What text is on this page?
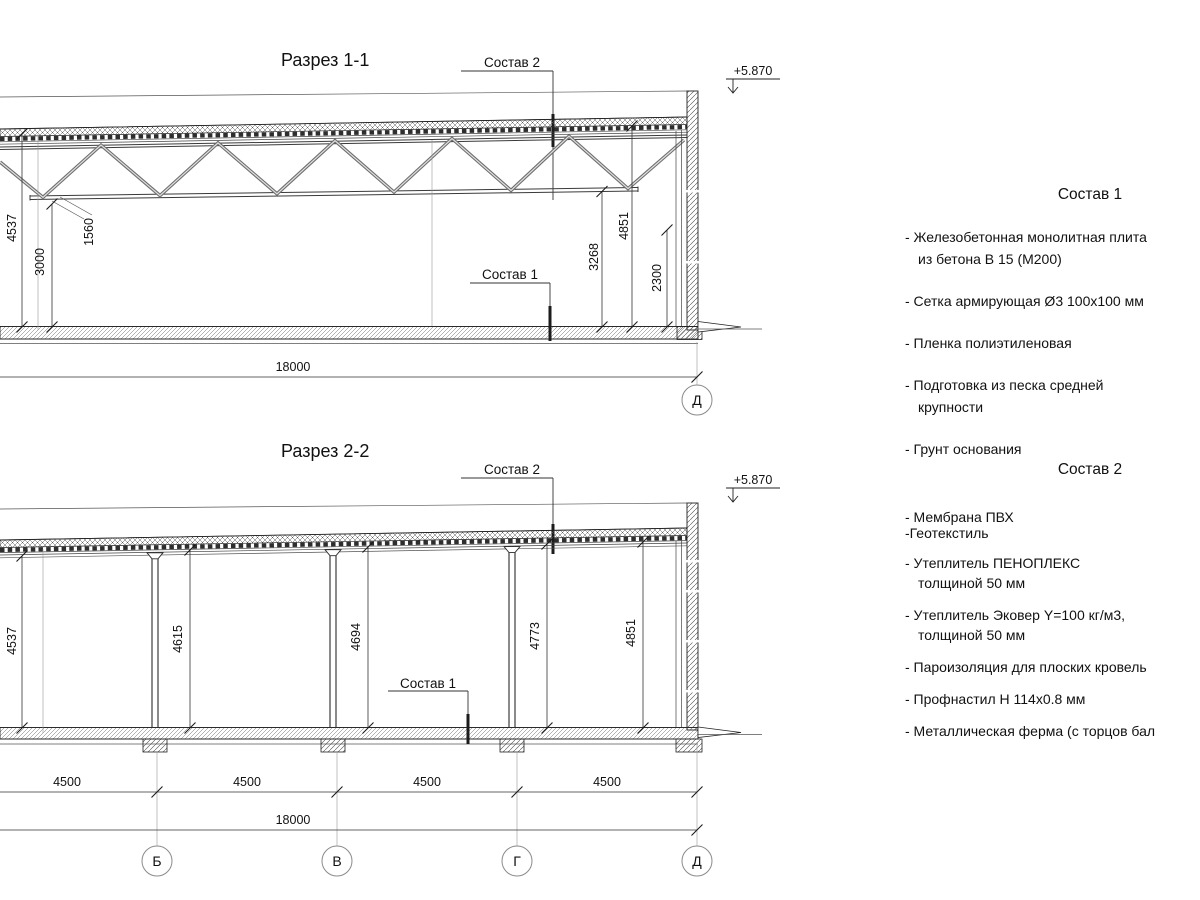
Разрез 1-1
+5.870
Состав 2
Состав 1
4537	1560
3000	3268
4851
2300
18000
Д
Разрез 2-2
+5.870
Состав 2
Состав 1
4537	4615	4694	4773	4851
4500	4500	4500	4500
18000
Б	В	Г	Д
Состав 1
- Железобетонная монолитная плита
из бетона В 15 (М200)
- Сетка армирующая Ø3 100х100 мм
- Пленка полиэтиленовая
- Подготовка из песка средней
крупности
- Грунт основания
Состав 2
- Мембрана ПВХ
-Геотекстиль
- Утеплитель ПЕНОПЛЕКС
толщиной 50 мм
- Утеплитель Эковер Y=100 кг/м3,
толщиной 50 мм
- Пароизоляция для плоских кровель
- Профнастил Н 114х0.8 мм
- Металлическая ферма (с торцов бал
